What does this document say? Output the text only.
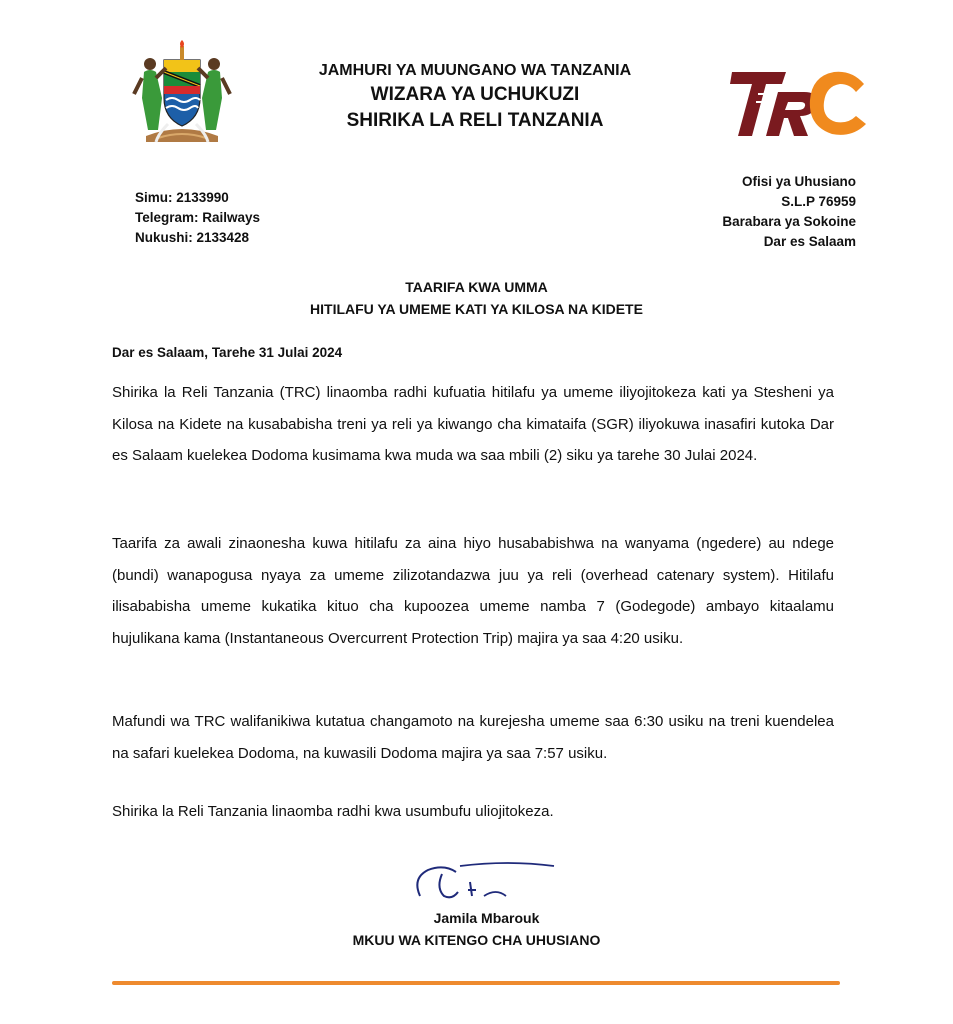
JAMHURI YA MUUNGANO WA TANZANIA
WIZARA YA UCHUKUZI
SHIRIKA LA RELI TANZANIA
Simu: 2133990
Telegram: Railways
Nukushi: 2133428
Ofisi ya Uhusiano
S.L.P 76959
Barabara ya Sokoine
Dar es Salaam
TAARIFA KWA UMMA
HITILAFU YA UMEME KATI YA KILOSA NA KIDETE
Dar es Salaam, Tarehe 31 Julai 2024
Shirika la Reli Tanzania (TRC) linaomba radhi kufuatia hitilafu ya umeme iliyojitokeza kati ya Stesheni ya Kilosa na Kidete na kusababisha treni ya reli ya kiwango cha kimataifa (SGR) iliyokuwa inasafiri kutoka Dar es Salaam kuelekea Dodoma kusimama kwa muda wa saa mbili (2) siku ya tarehe 30 Julai 2024.
Taarifa za awali zinaonesha kuwa hitilafu za aina hiyo husababishwa na wanyama (ngedere) au ndege (bundi) wanapogusa nyaya za umeme zilizotandazwa juu ya reli (overhead catenary system). Hitilafu ilisababisha umeme kukatika kituo cha kupoozea umeme namba 7 (Godegode) ambayo kitaalamu hujulikana kama (Instantaneous Overcurrent Protection Trip) majira ya saa 4:20 usiku.
Mafundi wa TRC walifanikiwa kutatua changamoto na kurejesha umeme saa 6:30 usiku na treni kuendelea na safari kuelekea Dodoma, na kuwasili Dodoma majira ya saa 7:57 usiku.
Shirika la Reli Tanzania linaomba radhi kwa usumbufu uliojitokeza.
Jamila Mbarouk
MKUU WA KITENGO CHA UHUSIANO
